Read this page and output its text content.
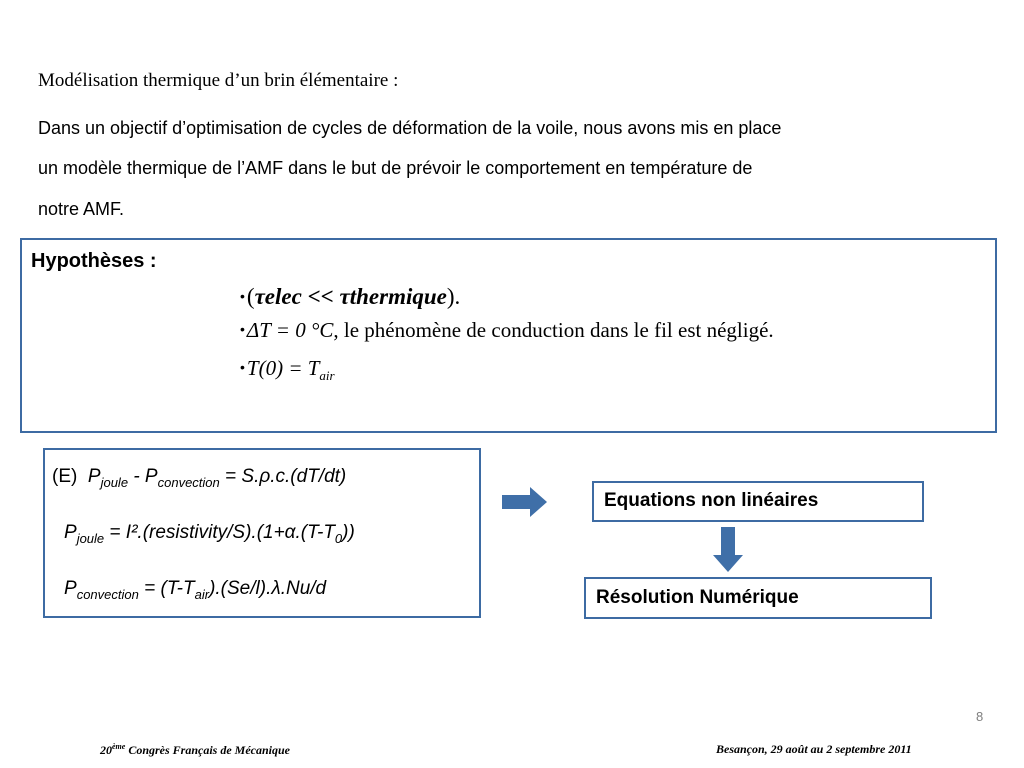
Modélisation thermique d’un brin élémentaire :
Dans un objectif d’optimisation de cycles de déformation de la voile, nous avons mis en place
un modèle thermique de l’AMF dans le but de prévoir le comportement en température de
notre AMF.
Hypothèses :
•(τelec << τthermique).
•ΔT = 0 °C, le phénomène de conduction dans le fil est négligé.
•T(0) = $T_{air}$
(E) $P_{joule} - P_{convection} = S.\rho.c.(dT/dt)$
$P_{joule}$ = $I^2.(resistivity/S).(1+\alpha.(T-T_0))$
$P_{convection} = (T-T_{air}).(Se/l).\lambda.Nu/d$
Equations non linéaires
Résolution Numérique
8
20ème Congrès Français de Mécanique	Besançon, 29 août au 2 septembre 2011
